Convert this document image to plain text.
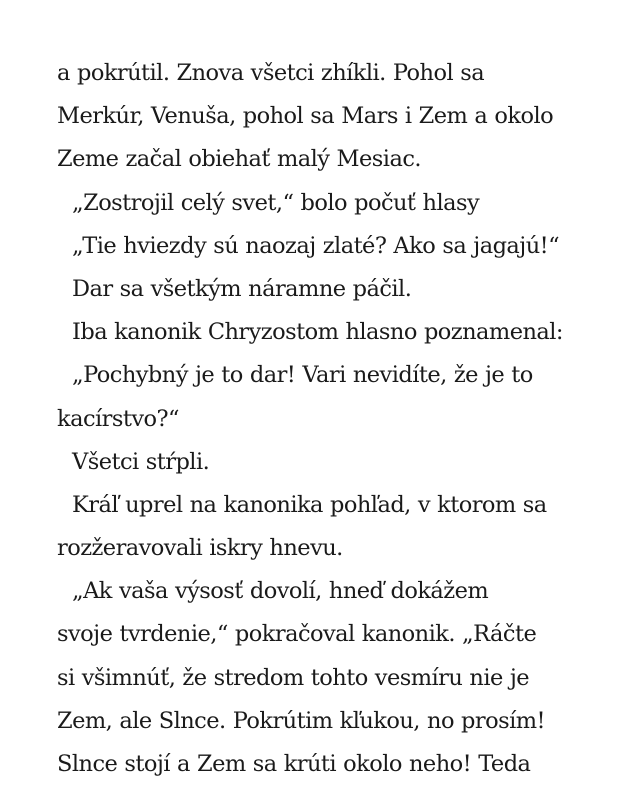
a pokrútil. Znova všetci zhíkli. Pohol sa
Merkúr, Venuša, pohol sa Mars i Zem a okolo
Zeme začal obiehať malý Mesiac.
„Zostrojil celý svet,“ bolo počuť hlasy
„Tie hviezdy sú naozaj zlaté? Ako sa jagajú!“
Dar sa všetkým náramne páčil.
Iba kanonik Chryzostom hlasno poznamenal:
„Pochybný je to dar! Vari nevidíte, že je to
kacírstvo?“
Všetci stŕpli.
Kráľ uprel na kanonika pohľad, v ktorom sa
rozžeravovali iskry hnevu.
„Ak vaša výsosť dovolí, hneď dokážem
svoje tvrdenie,“ pokračoval kanonik. „Ráčte
si všimnúť, že stredom tohto vesmíru nie je
Zem, ale Slnce. Pokrútim kľukou, no prosím!
Slnce stojí a Zem sa krúti okolo neho! Teda
